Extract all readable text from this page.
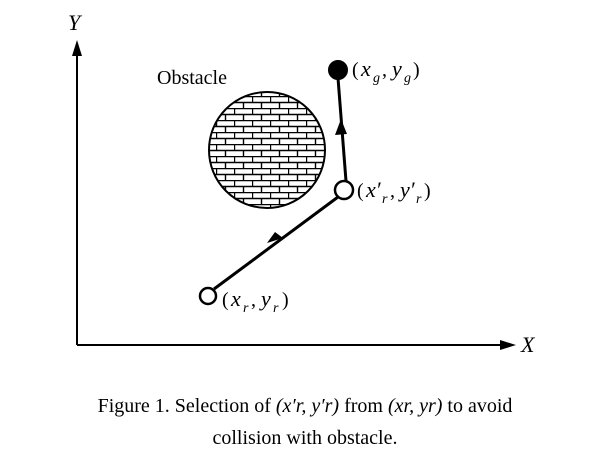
Y
X
Obstacle	( x g , y g )
( x′ r , y′ r )
( x r , y r )
Figure 1. Selection of (x′r, y′r) from (xr, yr) to avoid
collision with obstacle.
